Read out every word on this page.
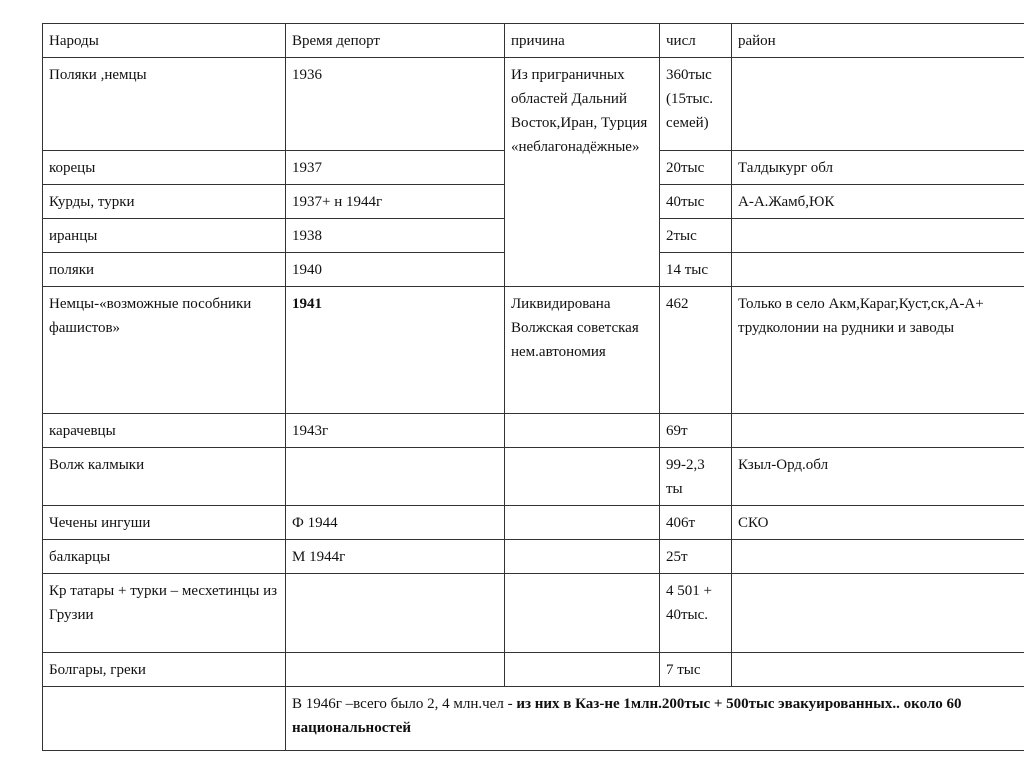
Народы	Время депорт	причина	числ	район
Поляки ,немцы	1936	Из приграничных областей Дальний Восток,Иран, Турция «неблагонадёжные»	360тыс (15тыс. семей)	
корецы	1937		20тыс	Талдыкург обл
Курды, турки	1937+ н 1944г		40тыс	А-А.Жамб,ЮК
иранцы	1938		2тыс	
поляки	1940		14 тыс	
Немцы-«возможные пособники фашистов»	1941	Ликвидирована Волжская советская нем.автономия	462	Только в село Акм,Караг,Куст,ск,А-А+ трудколонии на рудники и заводы
карачевцы	1943г		69т	
Волж калмыки			99-2,3 ты	Кзыл-Орд.обл
Чечены ингуши	Ф 1944		406т	СКО
балкарцы	М 1944г		25т	
Кр татары + турки – месхетинцы из Грузии			4 501 + 40тыс.	
Болгары, греки			7 тыс	
	В 1946г –всего было 2, 4 млн.чел - из них в Каз-не 1млн.200тыс + 500тыс эвакуированных.. около 60 национальностей			
